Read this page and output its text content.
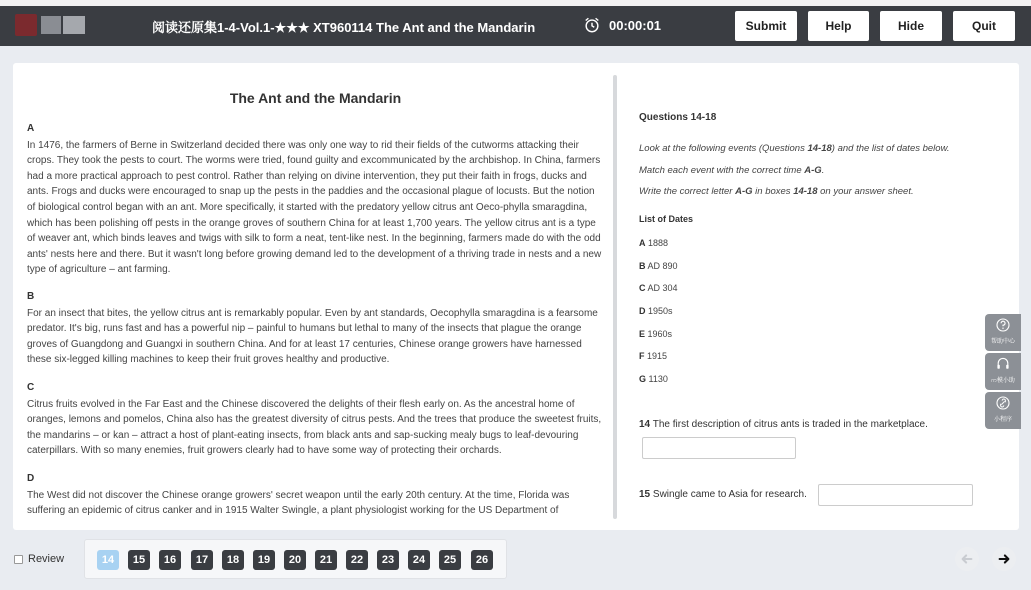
阅读还原集1-4-Vol.1-★★★ XT960114 The Ant and the Mandarin	00:00:01	Submit	Help	Hide	Quit
The Ant and the Mandarin
A
In 1476, the farmers of Berne in Switzerland decided there was only one way to rid their fields of the cutworms attacking their crops. They took the pests to court. The worms were tried, found guilty and excommunicated by the archbishop. In China, farmers had a more practical approach to pest control. Rather than relying on divine intervention, they put their faith in frogs, ducks and ants. Frogs and ducks were encouraged to snap up the pests in the paddies and the occasional plague of locusts. But the notion of biological control began with an ant. More specifically, it started with the predatory yellow citrus ant Oeco-phylla smaragdina, which has been polishing off pests in the orange groves of southern China for at least 1,700 years. The yellow citrus ant is a type of weaver ant, which binds leaves and twigs with silk to form a neat, tent-like nest. In the beginning, farmers made do with the odd ants' nests here and there. But it wasn't long before growing demand led to the development of a thriving trade in nests and a new type of agriculture – ant farming.
B
For an insect that bites, the yellow citrus ant is remarkably popular. Even by ant standards, Oecophylla smaragdina is a fearsome predator. It's big, runs fast and has a powerful nip – painful to humans but lethal to many of the insects that plague the orange groves of Guangdong and Guangxi in southern China. And for at least 17 centuries, Chinese orange growers have harnessed these six-legged killing machines to keep their fruit groves healthy and productive.
C
Citrus fruits evolved in the Far East and the Chinese discovered the delights of their flesh early on. As the ancestral home of oranges, lemons and pomelos, China also has the greatest diversity of citrus pests. And the trees that produce the sweetest fruits, the mandarins – or kan – attract a host of plant-eating insects, from black ants and sap-sucking mealy bugs to leaf-devouring caterpillars. With so many enemies, fruit growers clearly had to have some way of protecting their orchards.
D
The West did not discover the Chinese orange growers' secret weapon until the early 20th century. At the time, Florida was suffering an epidemic of citrus canker and in 1915 Walter Swingle, a plant physiologist working for the US Department of
Questions 14-18
Look at the following events (Questions 14-18) and the list of dates below.
Match each event with the correct time A-G.
Write the correct letter A-G in boxes 14-18 on your answer sheet.
List of Dates
A 1888
B AD 890
C AD 304
D 1950s
E 1960s
F 1915
G 1130
14 The first description of citrus ants is traded in the marketplace.
15 Swingle came to Asia for research.
帮助中心
က模小助
小程序
Review	14	15	16	17	18	19	20	21	22	23	24	25	26
